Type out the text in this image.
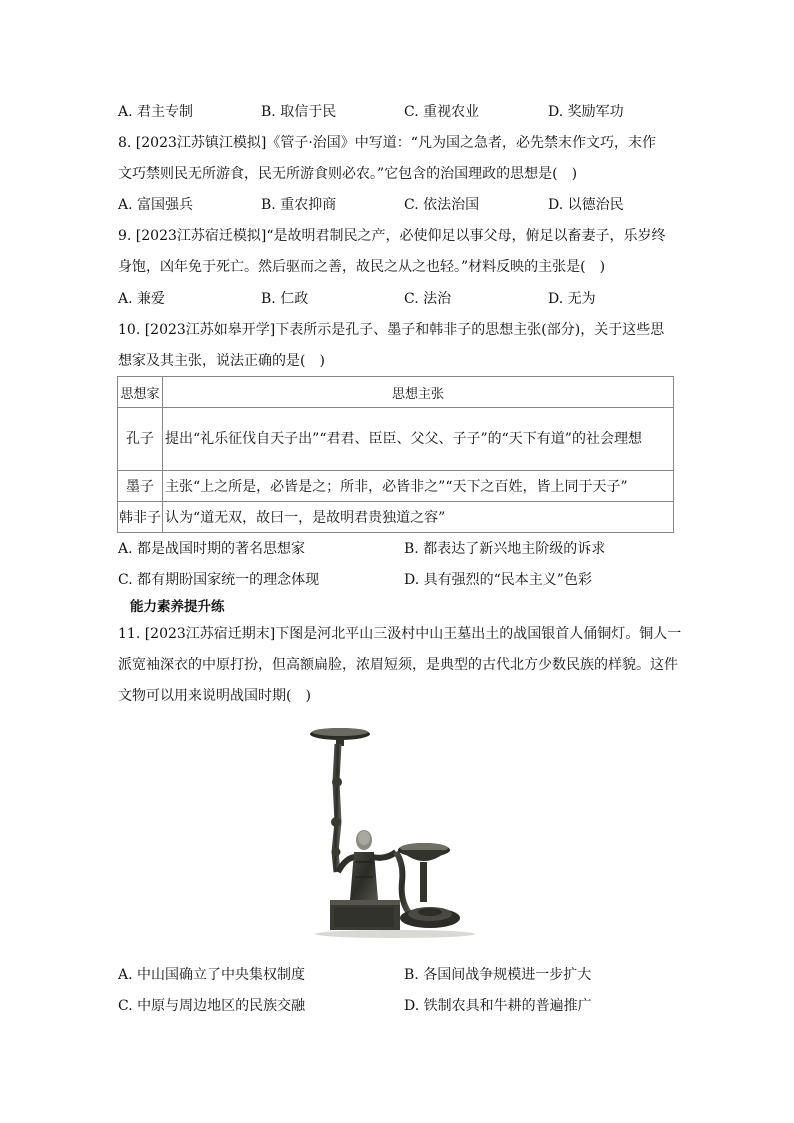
A. 君主专制	B. 取信于民	C. 重视农业	D. 奖励军功
8. [2023江苏镇江模拟]《管子·治国》中写道：“凡为国之急者，必先禁末作文巧，末作
文巧禁则民无所游食，民无所游食则必农。”它包含的治国理政的思想是(　)
A. 富国强兵	B. 重农抑商	C. 依法治国	D. 以德治民
9. [2023江苏宿迁模拟]“是故明君制民之产，必使仰足以事父母，俯足以畜妻子，乐岁终
身饱，凶年免于死亡。然后驱而之善，故民之从之也轻。”材料反映的主张是(　)
A. 兼爱	B. 仁政	C. 法治	D. 无为
10. [2023江苏如皋开学]下表所示是孔子、墨子和韩非子的思想主张(部分)，关于这些思
想家及其主张，说法正确的是(　)
思想家	思想主张
孔子	提出“礼乐征伐自天子出”“君君、臣臣、父父、子子”的“天下有道”的社会理想
墨子	主张“上之所是，必皆是之；所非，必皆非之”“天下之百姓，皆上同于天子”
韩非子	认为“道无双，故曰一，是故明君贵独道之容”
A. 都是战国时期的著名思想家	B. 都表达了新兴地主阶级的诉求
C. 都有期盼国家统一的理念体现	D. 具有强烈的“民本主义”色彩
能力素养提升练
11. [2023江苏宿迁期末]下图是河北平山三汲村中山王墓出土的战国银首人俑铜灯。铜人一
派宽袖深衣的中原打扮，但高额扁脸，浓眉短须，是典型的古代北方少数民族的样貌。这件
文物可以用来说明战国时期(　)
A. 中山国确立了中央集权制度	B. 各国间战争规模进一步扩大
C. 中原与周边地区的民族交融	D. 铁制农具和牛耕的普遍推广
